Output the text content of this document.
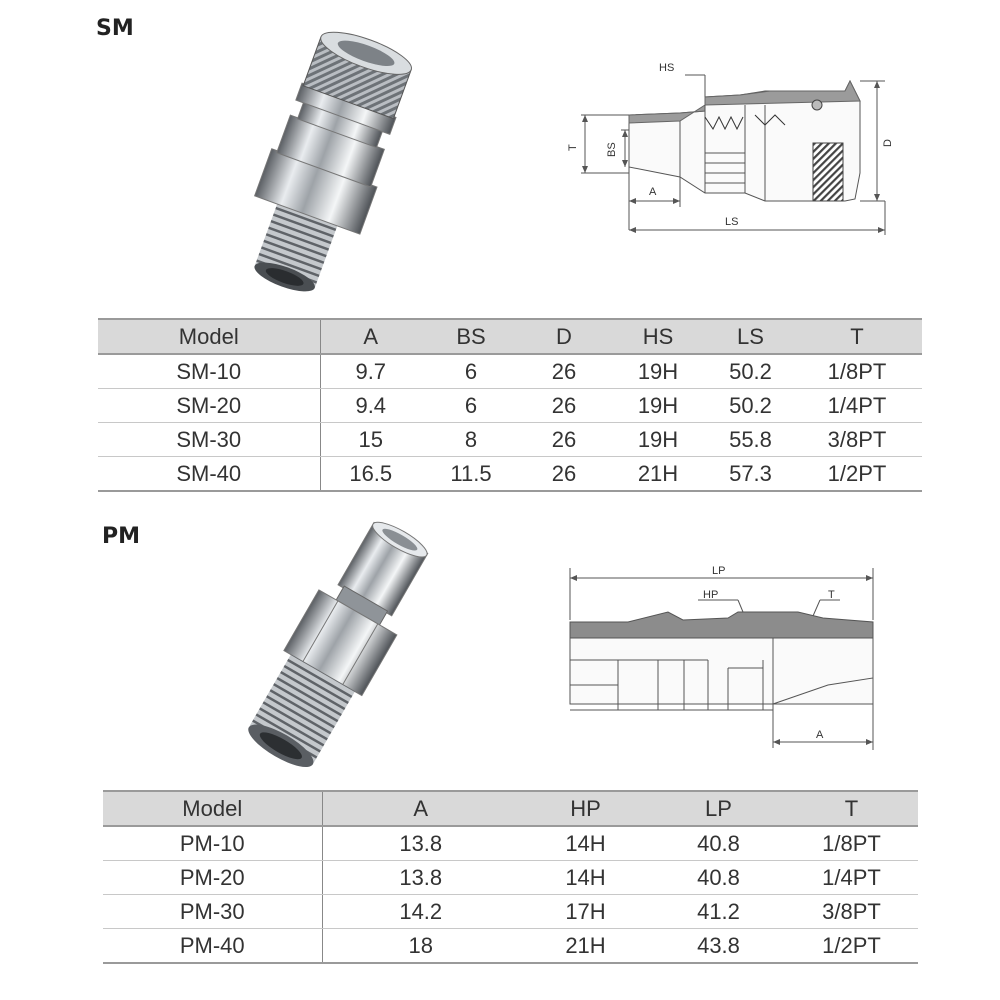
SM
HS
T BS	D
A
LS
Model	A	BS	D	HS	LS	T
SM-10	9.7	6	26	19H	50.2	1/8PT
SM-20	9.4	6	26	19H	50.2	1/4PT
SM-30	15	8	26	19H	55.8	3/8PT
SM-40	16.5	11.5	26	21H	57.3	1/2PT
PM
LP
HP	T
A
Model	A	HP	LP	T
PM-10	13.8	14H	40.8	1/8PT
PM-20	13.8	14H	40.8	1/4PT
PM-30	14.2	17H	41.2	3/8PT
PM-40	18	21H	43.8	1/2PT
